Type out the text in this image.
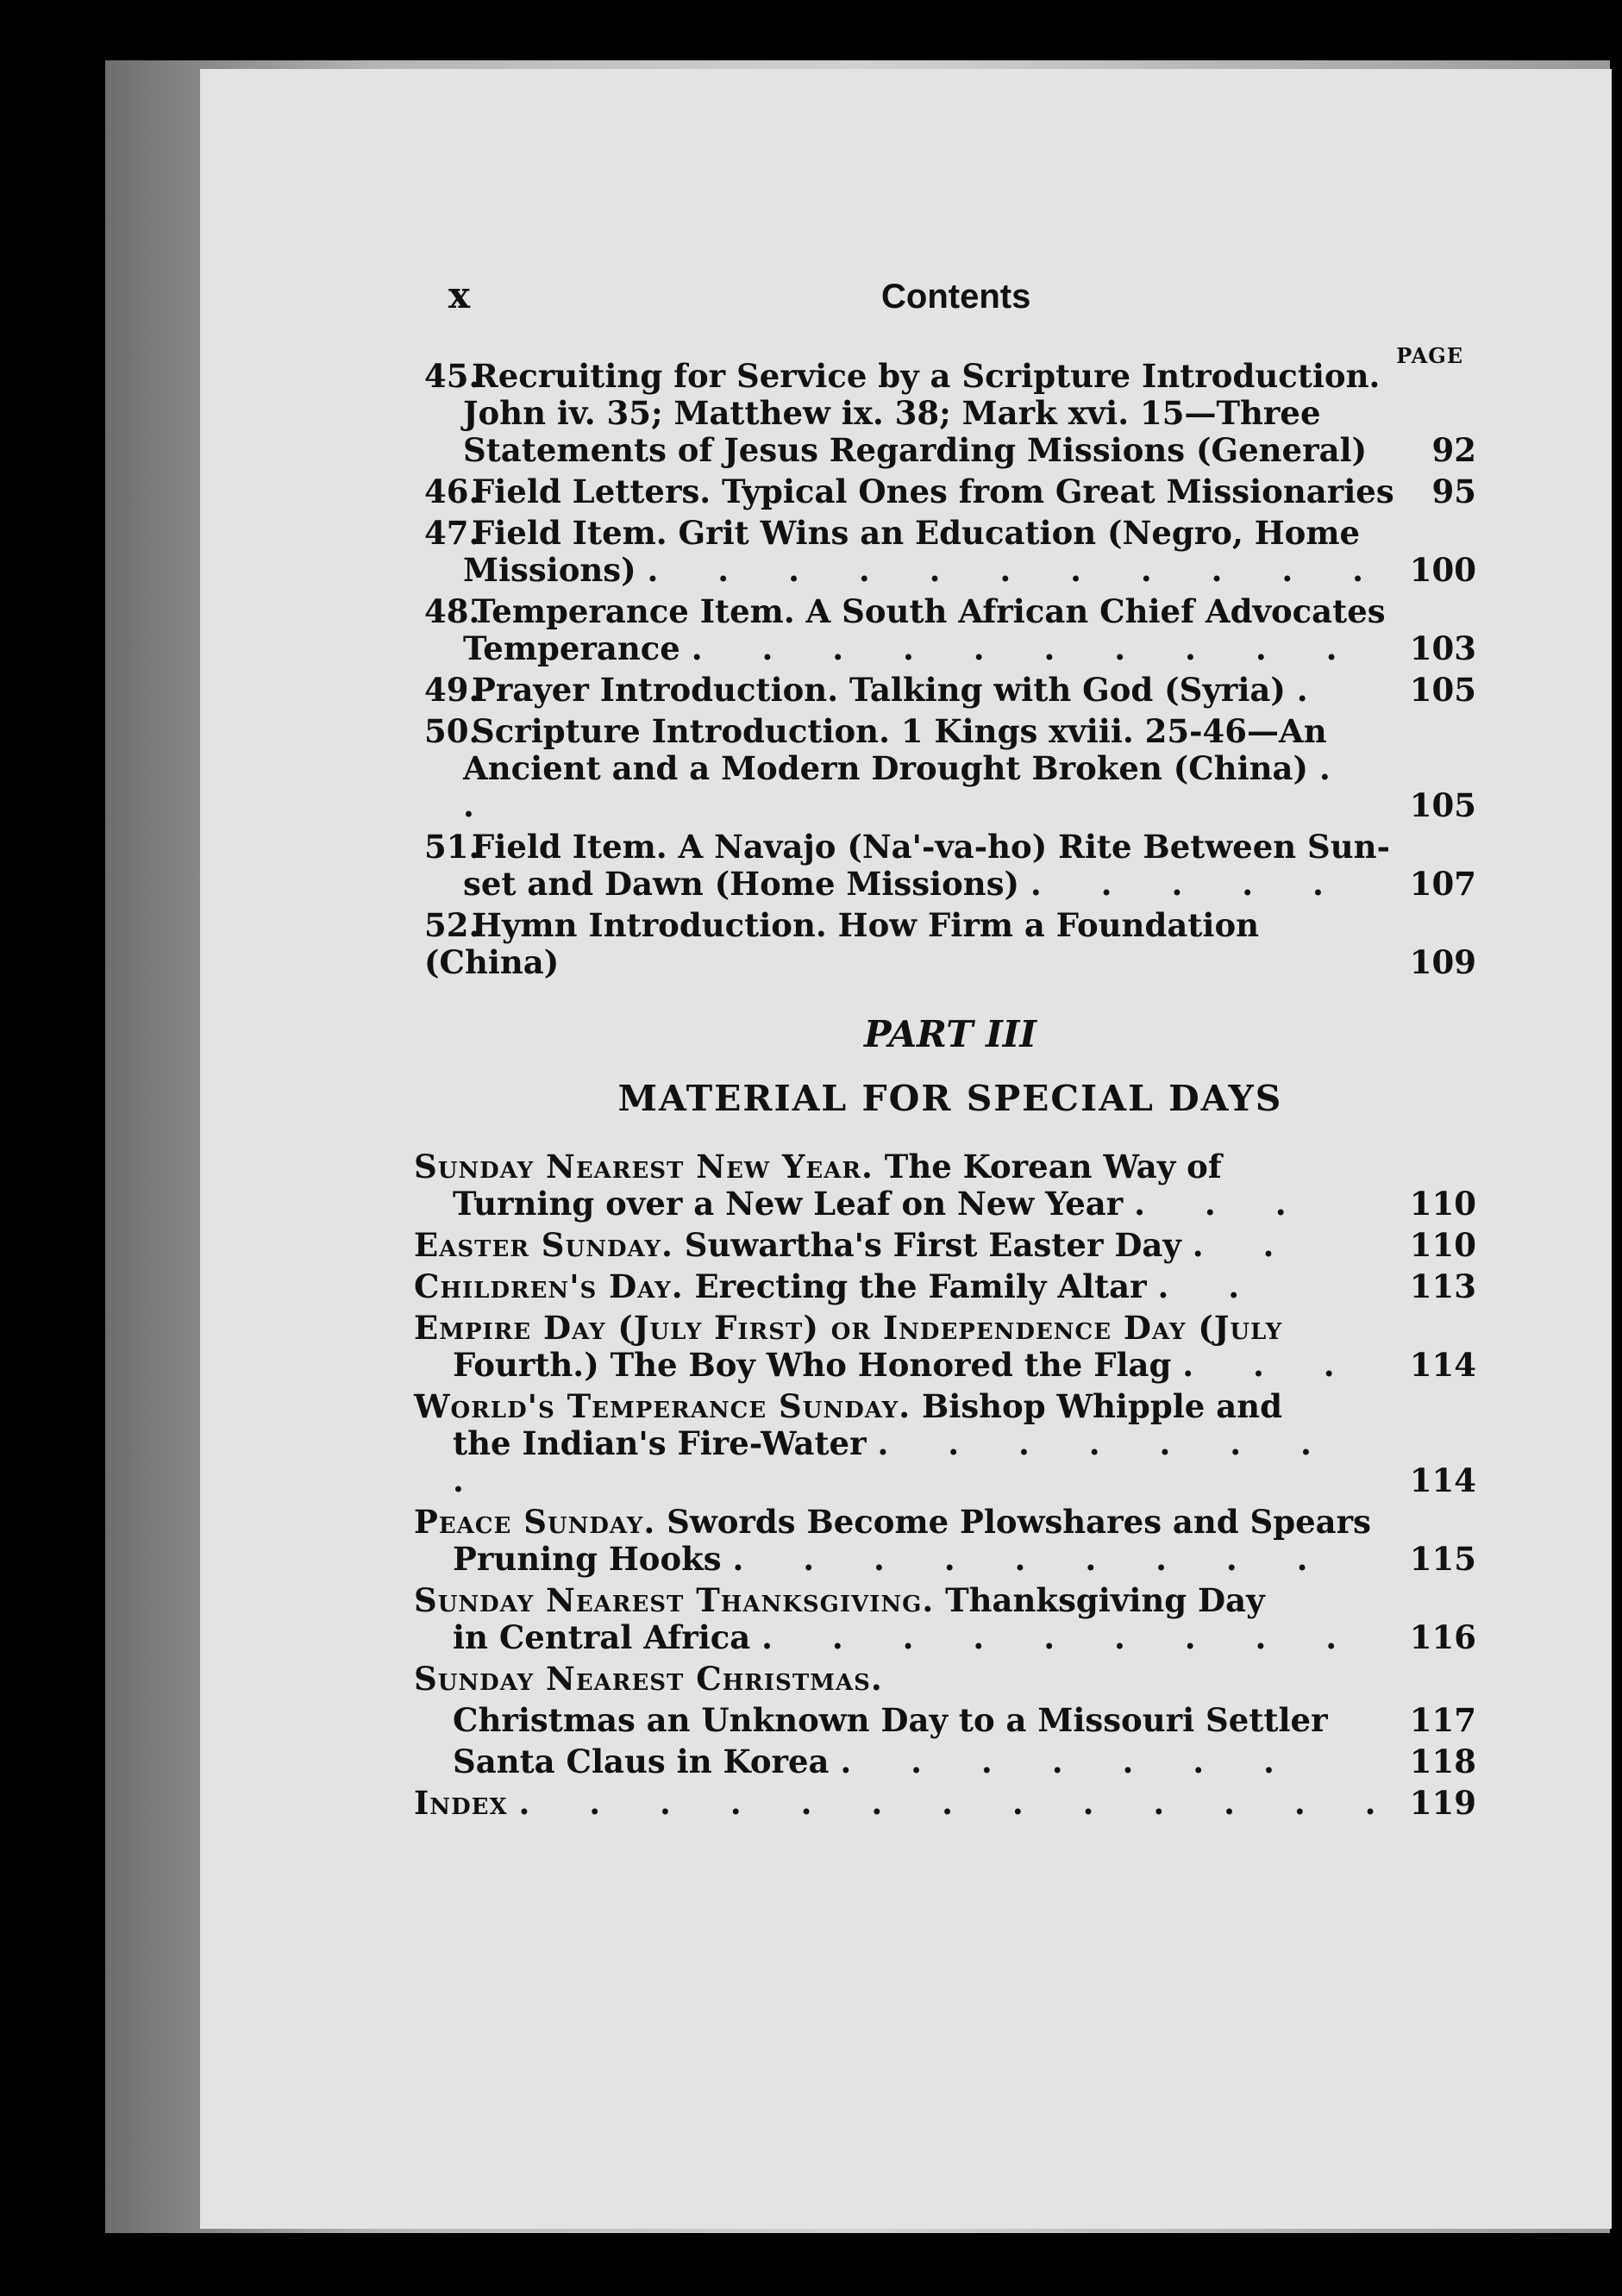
x	Contents
PAGE
45.Recruiting for Service by a Scripture Introduction.
John iv. 35; Matthew ix. 38; Mark xvi. 15—Three Statements of Jesus Regarding Missions (General)	92
46.Field Letters. Typical Ones from Great Missionaries	95
47.Field Item. Grit Wins an Education (Negro, Home
Missions) . . . . . . . . . . . 100
48.Temperance Item. A South African Chief Advocates
Temperance . . . . . . . . . .	103
49.Prayer Introduction. Talking with God (Syria) .	105
50.Scripture Introduction. 1 Kings xviii. 25-46—An
Ancient and a Modern Drought Broken (China) . .	105
51.Field Item. A Navajo (Na'-va-ho) Rite Between Sun-
set and Dawn (Home Missions) . . . . .	107
52.Hymn Introduction. How Firm a Foundation (China)	109
PART III
MATERIAL FOR SPECIAL DAYS
Sunday Nearest New Year. The Korean Way of
Turning over a New Leaf on New Year . . .	110
Easter Sunday. Suwartha's First Easter Day . .	110
Children's Day. Erecting the Family Altar . .	113
Empire Day (July First) or Independence Day (July
Fourth.) The Boy Who Honored the Flag . . .	114
World's Temperance Sunday. Bishop Whipple and
the Indian's Fire-Water . . . . . . . .	114
Peace Sunday. Swords Become Plowshares and Spears
Pruning Hooks . . . . . . . . .	115
Sunday Nearest Thanksgiving. Thanksgiving Day
in Central Africa . . . . . . . . .	116
Sunday Nearest Christmas.
Christmas an Unknown Day to a Missouri Settler	117
Santa Claus in Korea . . . . . . .	118
Index . . . . . . . . . . . . . 119
